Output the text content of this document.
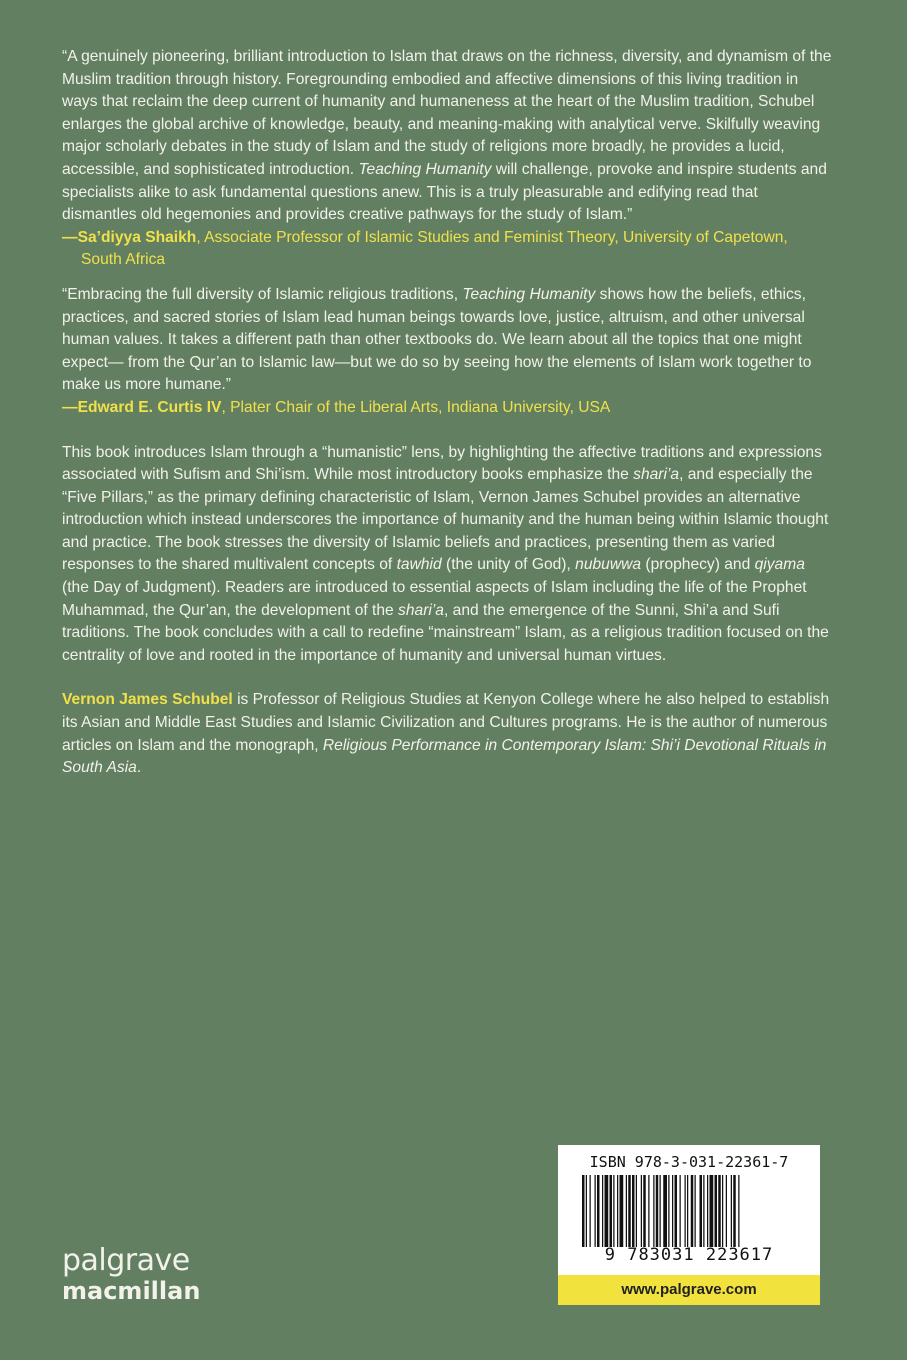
“A genuinely pioneering, brilliant introduction to Islam that draws on the richness, diversity, and dynamism of the Muslim tradition through history. Foregrounding embodied and affective dimensions of this living tradition in ways that reclaim the deep current of humanity and humaneness at the heart of the Muslim tradition, Schubel enlarges the global archive of knowledge, beauty, and meaning-making with analytical verve. Skilfully weaving major scholarly debates in the study of Islam and the study of religions more broadly, he provides a lucid, accessible, and sophisticated introduction. Teaching Humanity will challenge, provoke and inspire students and specialists alike to ask fundamental questions anew. This is a truly pleasurable and edifying read that dismantles old hegemonies and provides creative pathways for the study of Islam.”

—Sa’diyya Shaikh, Associate Professor of Islamic Studies and Feminist Theory, University of Capetown, South Africa

“Embracing the full diversity of Islamic religious traditions, Teaching Humanity shows how the beliefs, ethics, practices, and sacred stories of Islam lead human beings towards love, justice, altruism, and other universal human values. It takes a different path than other textbooks do. We learn about all the topics that one might expect— from the Qur’an to Islamic law—but we do so by seeing how the elements of Islam work together to make us more humane.”

—Edward E. Curtis IV, Plater Chair of the Liberal Arts, Indiana University, USA

This book introduces Islam through a “humanistic” lens, by highlighting the affective traditions and expressions associated with Sufism and Shi’ism. While most introductory books emphasize the shari’a, and especially the “Five Pillars,” as the primary defining characteristic of Islam, Vernon James Schubel provides an alternative introduction which instead underscores the importance of humanity and the human being within Islamic thought and practice. The book stresses the diversity of Islamic beliefs and practices, presenting them as varied responses to the shared multivalent concepts of tawhid (the unity of God), nubuwwa (prophecy) and qiyama (the Day of Judgment). Readers are introduced to essential aspects of Islam including the life of the Prophet Muhammad, the Qur’an, the development of the shari’a, and the emergence of the Sunni, Shi’a and Sufi traditions. The book concludes with a call to redefine “mainstream” Islam, as a religious tradition focused on the centrality of love and rooted in the importance of humanity and universal human virtues.

Vernon James Schubel is Professor of Religious Studies at Kenyon College where he also helped to establish its Asian and Middle East Studies and Islamic Civilization and Cultures programs. He is the author of numerous articles on Islam and the monograph, Religious Performance in Contemporary Islam: Shi’i Devotional Rituals in South Asia.

palgrave
macmillan
ISBN 978-3-031-22361-7
9 783031 223617
www.palgrave.com
